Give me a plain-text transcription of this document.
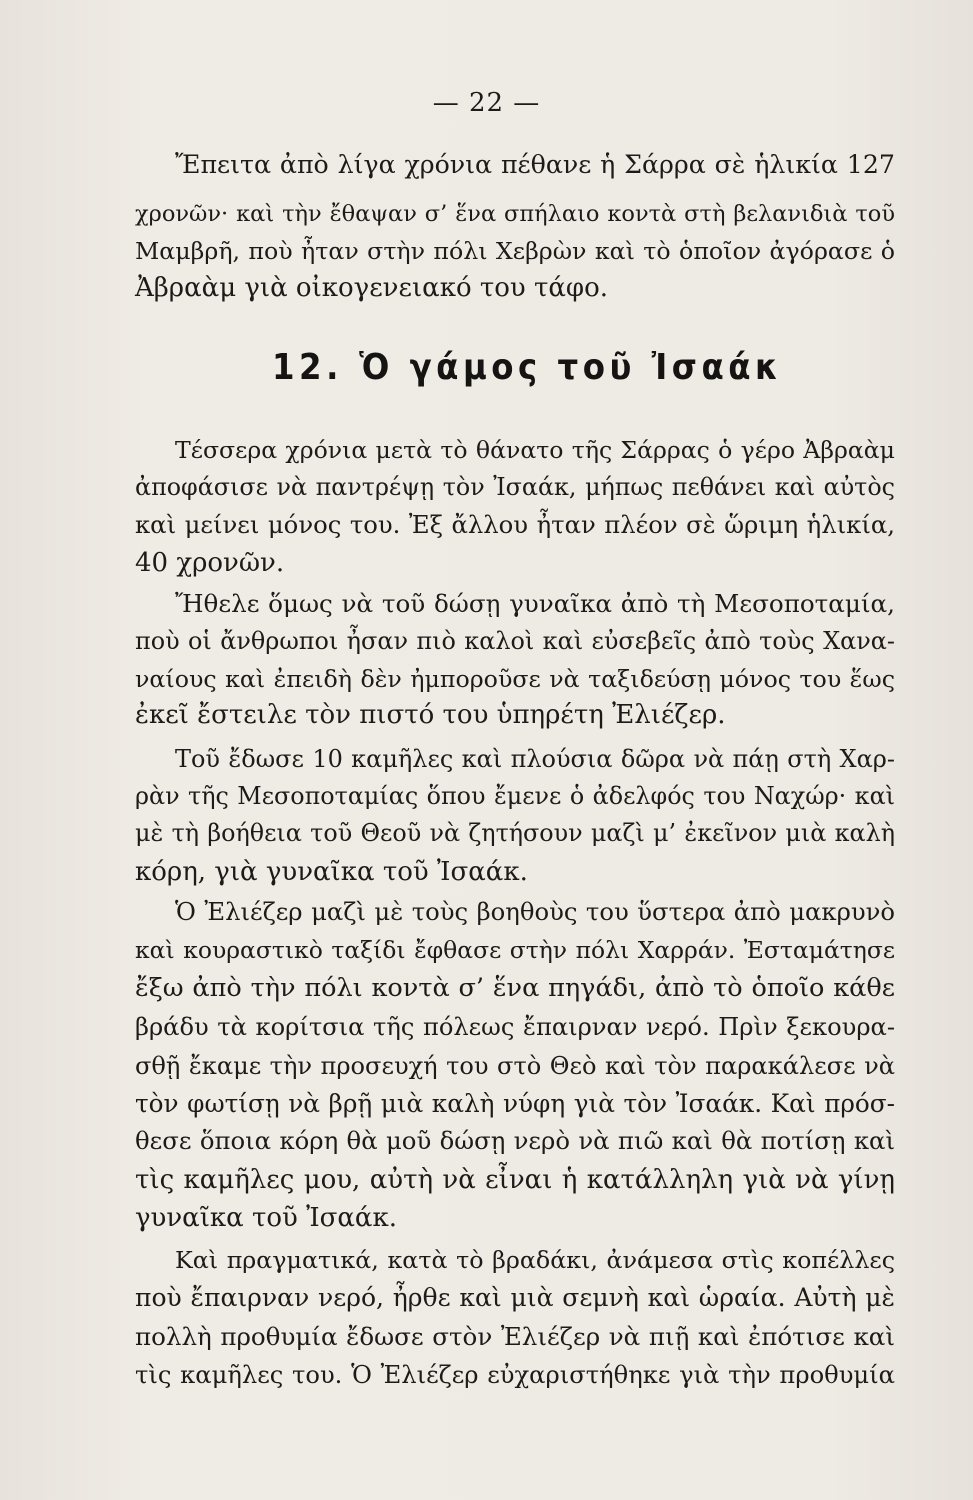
— 22 —
Ἔπειτα ἀπὸ λίγα χρόνια πέθανε ἡ Σάρρα σὲ ἡλικία 127
χρονῶν· καὶ τὴν ἔθαψαν σ’ ἕνα σπήλαιο κοντὰ στὴ βελανιδιὰ τοῦ
Μαμβρῆ, ποὺ ἦταν στὴν πόλι Χεβρὼν καὶ τὸ ὁποῖον ἀγόρασε ὁ
Ἀβραὰμ γιὰ οἰκογενειακό του τάφο.
12. Ὁ γάμος τοῦ Ἰσαάκ
Τέσσερα χρόνια μετὰ τὸ θάνατο τῆς Σάρρας ὁ γέρο Ἀβραὰμ
ἀποφάσισε νὰ παντρέψῃ τὸν Ἰσαάκ, μήπως πεθάνει καὶ αὐτὸς
καὶ μείνει μόνος του. Ἐξ ἄλλου ἦταν πλέον σὲ ὥριμη ἡλικία,
40 χρονῶν.
Ἤθελε ὅμως νὰ τοῦ δώσῃ γυναῖκα ἀπὸ τὴ Μεσοποταμία,
ποὺ οἱ ἄνθρωποι ἦσαν πιὸ καλοὶ καὶ εὐσεβεῖς ἀπὸ τοὺς Χανα-
ναίους καὶ ἐπειδὴ δὲν ἠμποροῦσε νὰ ταξιδεύσῃ μόνος του ἕως
ἐκεῖ ἔστειλε τὸν πιστό του ὑπηρέτη Ἐλιέζερ.
Τοῦ ἔδωσε 10 καμῆλες καὶ πλούσια δῶρα νὰ πάῃ στὴ Χαρ-
ρὰν τῆς Μεσοποταμίας ὅπου ἔμενε ὁ ἀδελφός του Ναχώρ· καὶ
μὲ τὴ βοήθεια τοῦ Θεοῦ νὰ ζητήσουν μαζὶ μ’ ἐκεῖνον μιὰ καλὴ
κόρη, γιὰ γυναῖκα τοῦ Ἰσαάκ.
Ὁ Ἐλιέζερ μαζὶ μὲ τοὺς βοηθοὺς του ὕστερα ἀπὸ μακρυνὸ
καὶ κουραστικὸ ταξίδι ἔφθασε στὴν πόλι Χαρράν. Ἐσταμάτησε
ἔξω ἀπὸ τὴν πόλι κοντὰ σ’ ἕνα πηγάδι, ἀπὸ τὸ ὁποῖο κάθε
βράδυ τὰ κορίτσια τῆς πόλεως ἔπαιρναν νερό. Πρὶν ξεκουρα-
σθῇ ἔκαμε τὴν προσευχή του στὸ Θεὸ καὶ τὸν παρακάλεσε νὰ
τὸν φωτίσῃ νὰ βρῇ μιὰ καλὴ νύφη γιὰ τὸν Ἰσαάκ. Καὶ πρόσ-
θεσε ὅποια κόρη θὰ μοῦ δώσῃ νερὸ νὰ πιῶ καὶ θὰ ποτίσῃ καὶ
τὶς καμῆλες μου, αὐτὴ νὰ εἶναι ἡ κατάλληλη γιὰ νὰ γίνῃ
γυναῖκα τοῦ Ἰσαάκ.
Καὶ πραγματικά, κατὰ τὸ βραδάκι, ἀνάμεσα στὶς κοπέλλες
ποὺ ἔπαιρναν νερό, ἦρθε καὶ μιὰ σεμνὴ καὶ ὡραία. Αὐτὴ μὲ
πολλὴ προθυμία ἔδωσε στὸν Ἐλιέζερ νὰ πιῇ καὶ ἐπότισε καὶ
τὶς καμῆλες του. Ὁ Ἐλιέζερ εὐχαριστήθηκε γιὰ τὴν προθυμία
